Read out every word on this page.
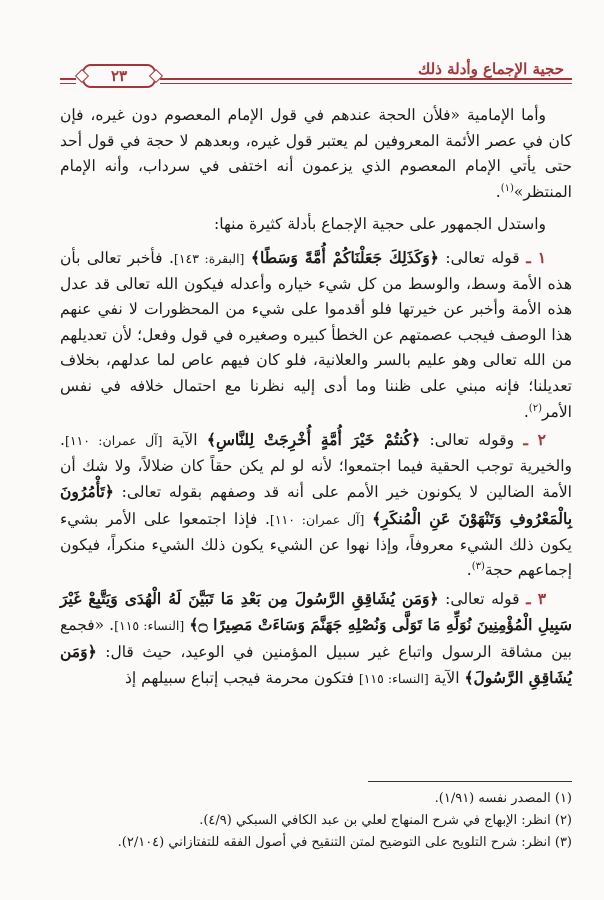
٢٣	حجية الإجماع وأدلة ذلك

وأما الإمامية «فلأن الحجة عندهم في قول الإمام المعصوم دون غيره، فإن كان في عصر الأئمة المعروفين لم يعتبر قول غيره، وبعدهم لا حجة في قول أحد حتى يأتي الإمام المعصوم الذي يزعمون أنه اختفى في سرداب، وأنه الإمام المنتظر»$^{(١)}$.

واستدل الجمهور على حجية الإجماع بأدلة كثيرة منها:

١ ـ قوله تعالى: ﴿وَكَذَلِكَ جَعَلْنَاكُمْ أُمَّةً وَسَطًا﴾ [البقرة: ١٤٣]. فأخبر تعالى بأن هذه الأمة وسط، والوسط من كل شيء خياره وأعدله فيكون الله تعالى قد عدل هذه الأمة وأخبر عن خيرتها فلو أقدموا على شيء من المحظورات لا نفي عنهم هذا الوصف فيجب عصمتهم عن الخطأ كبيره وصغيره في قول وفعل؛ لأن تعديلهم من الله تعالى وهو عليم بالسر والعلانية، فلو كان فيهم عاص لما عدلهم، بخلاف تعديلنا؛ فإنه مبني على ظننا وما أدى إليه نظرنا مع احتمال خلافه في نفس الأمر$^{(٢)}$.

٢ ـ وقوله تعالى: ﴿كُنتُمْ خَيْرَ أُمَّةٍ أُخْرِجَتْ لِلنَّاسِ﴾ الآية [آل عمران: ١١٠]. والخيرية توجب الحقية فيما اجتمعوا؛ لأنه لو لم يكن حقاً كان ضلالاً، ولا شك أن الأمة الضالين لا يكونون خير الأمم على أنه قد وصفهم بقوله تعالى: ﴿تَأْمُرُونَ بِالْمَعْرُوفِ وَتَنْهَوْنَ عَنِ الْمُنكَرِ﴾ [آل عمران: ١١٠]. فإذا اجتمعوا على الأمر بشيء يكون ذلك الشيء معروفاً، وإذا نهوا عن الشيء يكون ذلك الشيء منكراً، فيكون إجماعهم حجة$^{(٣)}$.

٣ ـ قوله تعالى: ﴿وَمَن يُشَاقِقِ الرَّسُولَ مِن بَعْدِ مَا تَبَيَّنَ لَهُ الْهُدَى وَيَتَّبِعْ غَيْرَ سَبِيلِ الْمُؤْمِنِينَ نُوَلِّهِ مَا تَوَلَّى وَنُصْلِهِ جَهَنَّمَ وَسَاءَتْ مَصِيرًا ۝﴾ [النساء: ١١٥]. «فجمع بين مشاقة الرسول واتباع غير سبيل المؤمنين في الوعيد، حيث قال: ﴿وَمَن يُشَاقِقِ الرَّسُولَ﴾ الآية [النساء: ١١٥] فتكون محرمة فيجب إتباع سبيلهم إذ

(١) المصدر نفسه (١/٩١).
(٢) انظر: الإبهاج في شرح المنهاج لعلي بن عبد الكافي السبكي (٤/٩).
(٣) انظر: شرح التلويح على التوضيح لمتن التنقيح في أصول الفقه للتفتازاني (٢/١٠٤).
